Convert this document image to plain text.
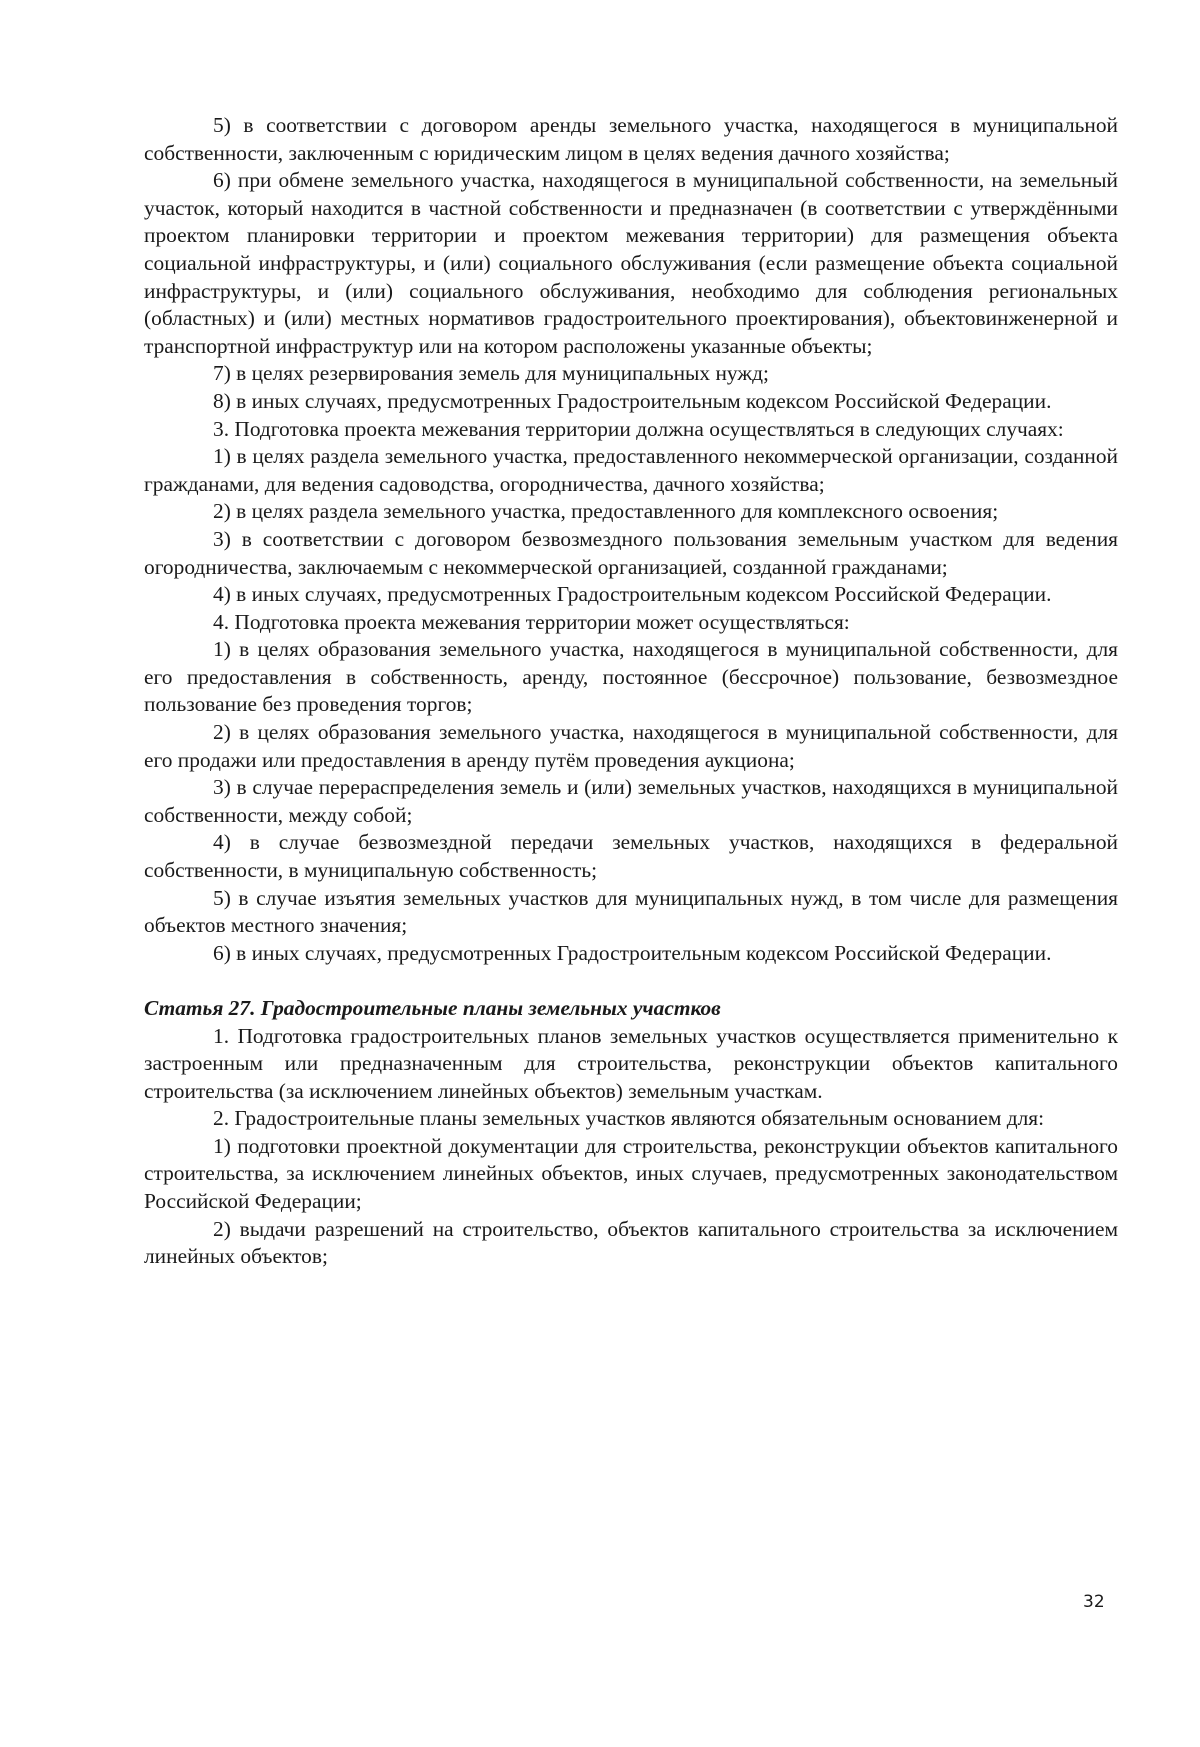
5) в соответствии с договором аренды земельного участка, находящегося в муниципальной собственности, заключенным с юридическим лицом в целях ведения дачного хозяйства;

6) при обмене земельного участка, находящегося в муниципальной собственности, на земельный участок, который находится в частной собственности и предназначен (в соответствии с утверждёнными проектом планировки территории и проектом межевания территории) для размещения объекта социальной инфраструктуры, и (или) социального обслуживания (если размещение объекта социальной инфраструктуры, и (или) социального обслуживания, необходимо для соблюдения региональных (областных) и (или) местных нормативов градостроительного проектирования), объектовинженерной и транспортной инфраструктур или на котором расположены указанные объекты;

7) в целях резервирования земель для муниципальных нужд;

8) в иных случаях, предусмотренных Градостроительным кодексом Российской Федерации.

3. Подготовка проекта межевания территории должна осуществляться в следующих случаях:

1) в целях раздела земельного участка, предоставленного некоммерческой организации, созданной гражданами, для ведения садоводства, огородничества, дачного хозяйства;

2) в целях раздела земельного участка, предоставленного для комплексного освоения;

3) в соответствии с договором безвозмездного пользования земельным участком для ведения огородничества, заключаемым с некоммерческой организацией, созданной гражданами;

4) в иных случаях, предусмотренных Градостроительным кодексом Российской Федерации.

4. Подготовка проекта межевания территории может осуществляться:

1) в целях образования земельного участка, находящегося в муниципальной собственности, для его предоставления в собственность, аренду, постоянное (бессрочное) пользование, безвозмездное пользование без проведения торгов;

2) в целях образования земельного участка, находящегося в муниципальной собственности, для его продажи или предоставления в аренду путём проведения аукциона;

3) в случае перераспределения земель и (или) земельных участков, находящихся в муниципальной собственности, между собой;

4) в случае безвозмездной передачи земельных участков, находящихся в федеральной собственности, в муниципальную собственность;

5) в случае изъятия земельных участков для муниципальных нужд, в том числе для размещения объектов местного значения;

6) в иных случаях, предусмотренных Градостроительным кодексом Российской Федерации.

Статья 27. Градостроительные планы земельных участков

1. Подготовка градостроительных планов земельных участков осуществляется применительно к застроенным или предназначенным для строительства, реконструкции объектов капитального строительства (за исключением линейных объектов) земельным участкам.

2. Градостроительные планы земельных участков являются обязательным основанием для:

1) подготовки проектной документации для строительства, реконструкции объектов капитального строительства, за исключением линейных объектов, иных случаев, предусмотренных законодательством Российской Федерации;

2) выдачи разрешений на строительство, объектов капитального строительства за исключением линейных объектов;

32
